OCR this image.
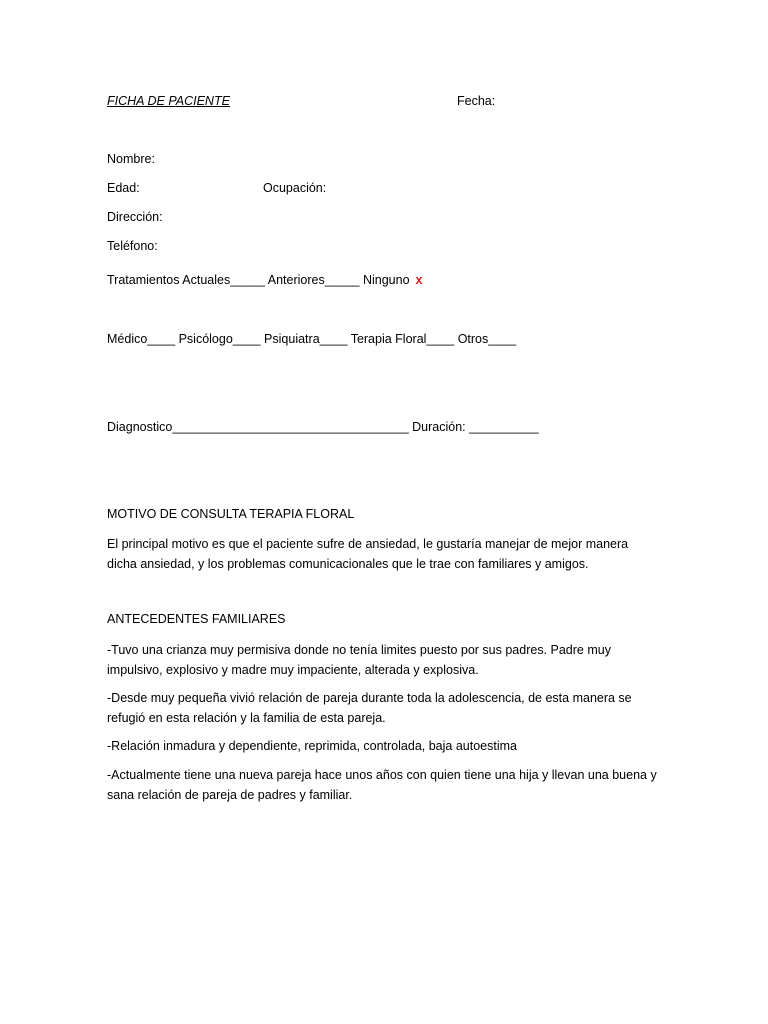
FICHA DE PACIENTE	Fecha:
Nombre:
Edad:	Ocupación:
Dirección:
Teléfono:
Tratamientos Actuales_____ Anteriores_____ Ninguno x
Médico____ Psicólogo____ Psiquiatra____ Terapia Floral____ Otros____
Diagnostico__________________________________ Duración: __________
MOTIVO DE CONSULTA TERAPIA FLORAL
El principal motivo es que el paciente sufre de ansiedad, le gustaría manejar de mejor manera
dicha ansiedad, y los problemas comunicacionales que le trae con familiares y amigos.
ANTECEDENTES FAMILIARES
-Tuvo una crianza muy permisiva donde no tenía limites puesto por sus padres. Padre muy
impulsivo, explosivo y madre muy impaciente, alterada y explosiva.
-Desde muy pequeña vivió relación de pareja durante toda la adolescencia, de esta manera se
refugió en esta relación y la familia de esta pareja.
-Relación inmadura y dependiente, reprimida, controlada, baja autoestima
-Actualmente tiene una nueva pareja hace unos años con quien tiene una hija y llevan una buena y
sana relación de pareja de padres y familiar.
